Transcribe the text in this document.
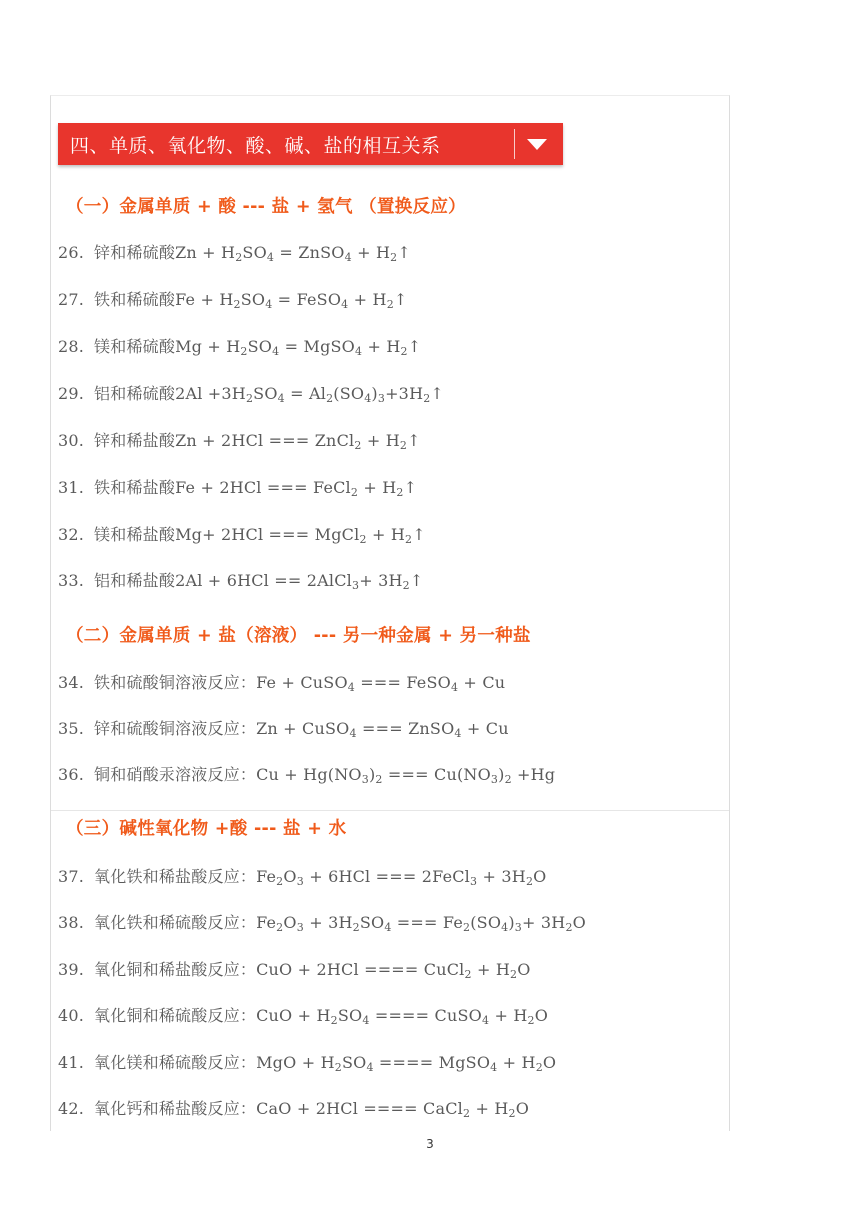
四、单质、氧化物、酸、碱、盐的相互关系
（一）金属单质 + 酸 --- 盐 + 氢气 （置换反应）
（二）金属单质 + 盐（溶液） --- 另一种金属 + 另一种盐
（三）碱性氧化物 +酸 --- 盐 + 水
26. 锌和稀硫酸$Zn + H_2SO_4$ = ZnSO$_4$ + $H_2↑$
27. 铁和稀硫酸$Fe + H_2SO_4$ = FeSO$_4$ + $H_2↑$
28. 镁和稀硫酸$Mg + H_2SO_4$ = MgSO$_4$ + $H_2↑$
29. 铝和稀硫酸$2Al +3H_2SO_4$ = $Al_2(SO_4)_3+3H_2↑$
30. 锌和稀盐酸Zn + 2HCl === ZnCl$_2$ + $H_2↑$
31. 铁和稀盐酸Fe + 2HCl === FeCl$_2$ + $H_2↑$
32. 镁和稀盐酸Mg+ 2HCl === MgCl$_2$ + $H_2↑$
33. 铝和稀盐酸2Al + 6HCl == 2AlCl$_3$+ $3H_2↑$
34. 铁和硫酸铜溶液反应：Fe + CuSO$_4$ === FeSO$_4$ + Cu
35. 锌和硫酸铜溶液反应：Zn + CuSO$_4$ === ZnSO$_4$ + Cu
36. 铜和硝酸汞溶液反应：$Cu + Hg(NO_3)_2$ === $Cu(NO_3)_2 +Hg$
37. 氧化铁和稀盐酸反应：$Fe_2O_3 + 6HCl$ === 2FeCl$_3$ + $3H_2O$
38. 氧化铁和稀硫酸反应：$Fe_2O_3 + 3H_2SO_4$ === $Fe_2(SO_4)_3+ 3H_2O$
39. 氧化铜和稀盐酸反应：CuO + 2HCl ==== CuCl$_2$ + $H_2O$
40. 氧化铜和稀硫酸反应：CuO + $H_2SO_4$ ==== CuSO$_4$ + $H_2O$
41. 氧化镁和稀硫酸反应：MgO + $H_2SO_4$ ==== MgSO$_4$ + $H_2O$
42. 氧化钙和稀盐酸反应：CaO + 2HCl ==== CaCl$_2$ + $H_2O$
3
